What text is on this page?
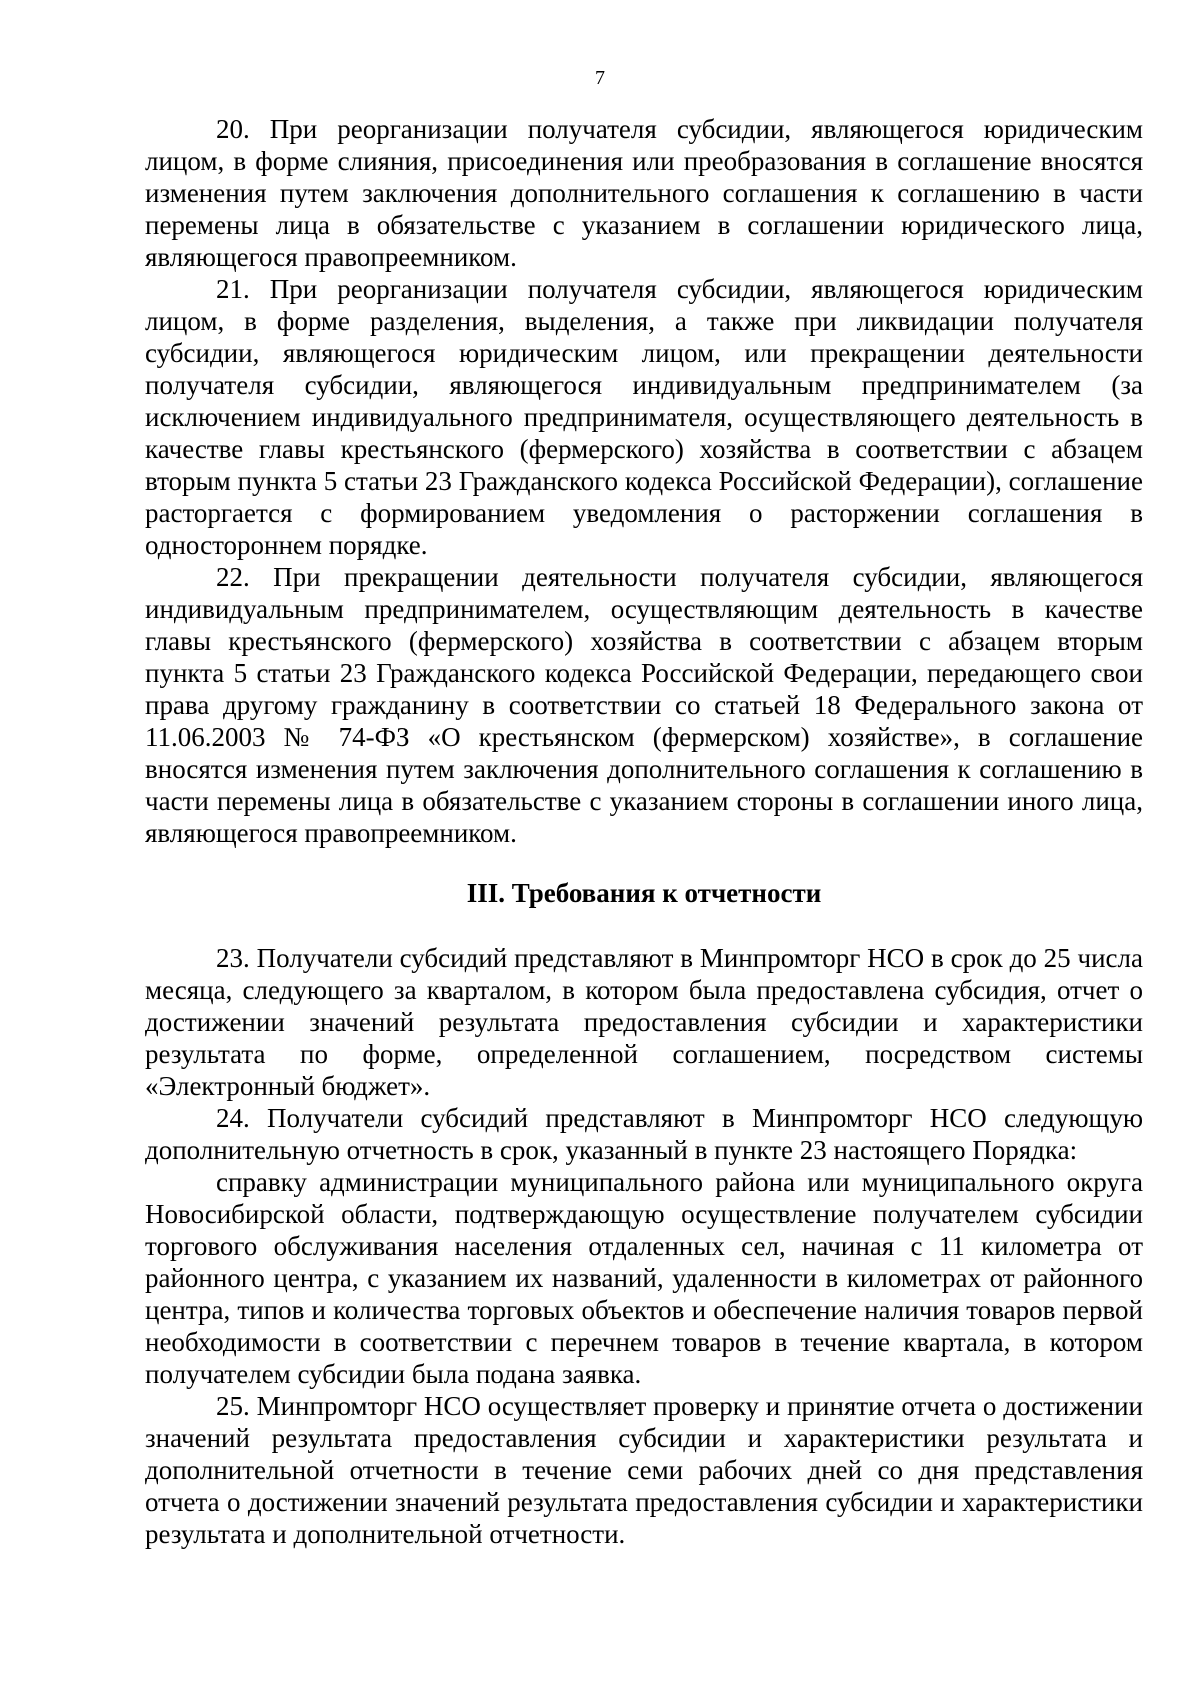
7

20. При реорганизации получателя субсидии, являющегося юридическим лицом, в форме слияния, присоединения или преобразования в соглашение вносятся изменения путем заключения дополнительного соглашения к соглашению в части перемены лица в обязательстве с указанием в соглашении юридического лица, являющегося правопреемником.

21. При реорганизации получателя субсидии, являющегося юридическим лицом, в форме разделения, выделения, а также при ликвидации получателя субсидии, являющегося юридическим лицом, или прекращении деятельности получателя субсидии, являющегося индивидуальным предпринимателем (за исключением индивидуального предпринимателя, осуществляющего деятельность в качестве главы крестьянского (фермерского) хозяйства в соответствии с абзацем вторым пункта 5 статьи 23 Гражданского кодекса Российской Федерации), соглашение расторгается с формированием уведомления о расторжении соглашения в одностороннем порядке.

22. При прекращении деятельности получателя субсидии, являющегося индивидуальным предпринимателем, осуществляющим деятельность в качестве главы крестьянского (фермерского) хозяйства в соответствии с абзацем вторым пункта 5 статьи 23 Гражданского кодекса Российской Федерации, передающего свои права другому гражданину в соответствии со статьей 18 Федерального закона от 11.06.2003 № 74-ФЗ «О крестьянском (фермерском) хозяйстве», в соглашение вносятся изменения путем заключения дополнительного соглашения к соглашению в части перемены лица в обязательстве с указанием стороны в соглашении иного лица, являющегося правопреемником.

III. Требования к отчетности

23. Получатели субсидий представляют в Минпромторг НСО в срок до 25 числа месяца, следующего за кварталом, в котором была предоставлена субсидия, отчет о достижении значений результата предоставления субсидии и характеристики результата по форме, определенной соглашением, посредством системы «Электронный бюджет».

24. Получатели субсидий представляют в Минпромторг НСО следующую дополнительную отчетность в срок, указанный в пункте 23 настоящего Порядка:

справку администрации муниципального района или муниципального округа Новосибирской области, подтверждающую осуществление получателем субсидии торгового обслуживания населения отдаленных сел, начиная с 11 километра от районного центра, с указанием их названий, удаленности в километрах от районного центра, типов и количества торговых объектов и обеспечение наличия товаров первой необходимости в соответствии с перечнем товаров в течение квартала, в котором получателем субсидии была подана заявка.

25. Минпромторг НСО осуществляет проверку и принятие отчета о достижении значений результата предоставления субсидии и характеристики результата и дополнительной отчетности в течение семи рабочих дней со дня представления отчета о достижении значений результата предоставления субсидии и характеристики результата и дополнительной отчетности.
